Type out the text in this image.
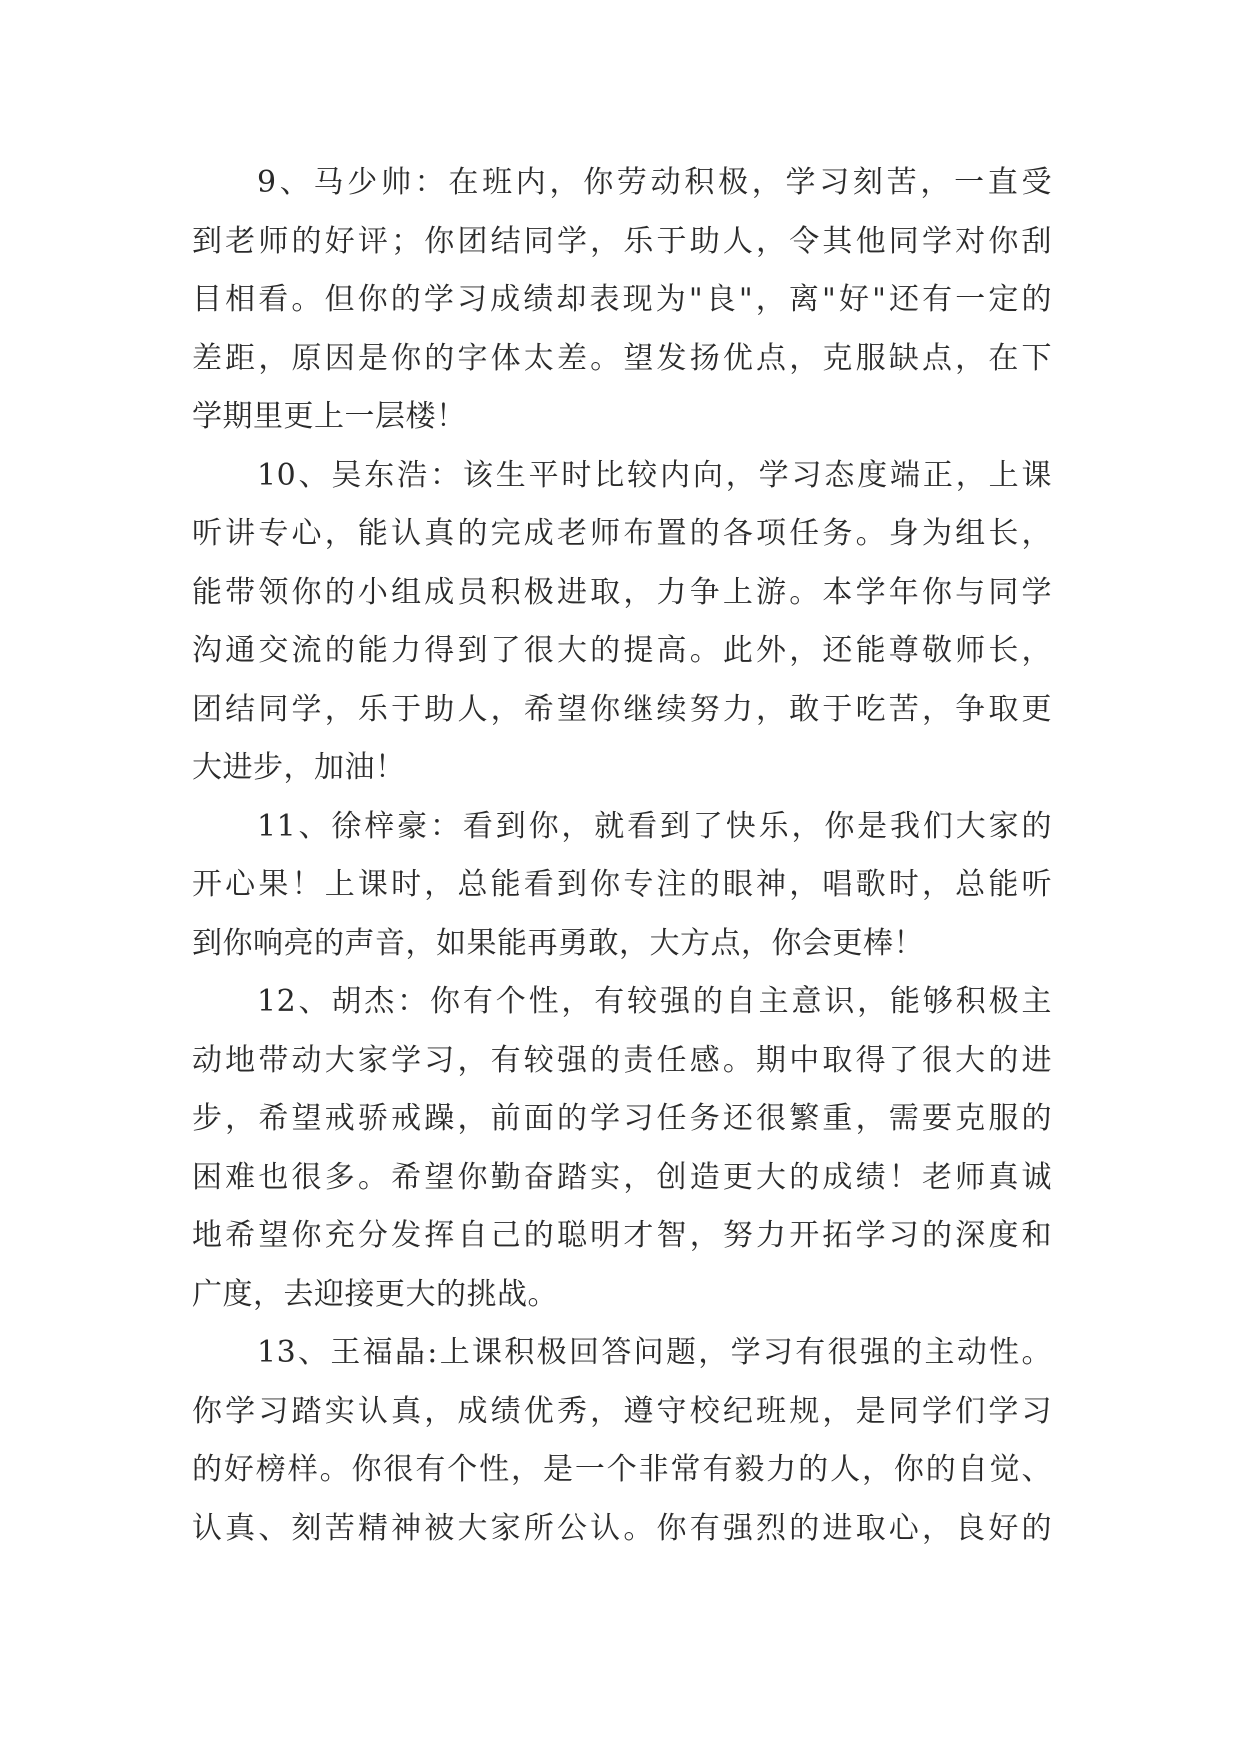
9、马少帅：在班内，你劳动积极，学习刻苦，一直受
到老师的好评；你团结同学，乐于助人，令其他同学对你刮
目相看。但你的学习成绩却表现为"良"，离"好"还有一定的
差距，原因是你的字体太差。望发扬优点，克服缺点，在下
学期里更上一层楼！
10、吴东浩：该生平时比较内向，学习态度端正，上课
听讲专心，能认真的完成老师布置的各项任务。身为组长，
能带领你的小组成员积极进取，力争上游。本学年你与同学
沟通交流的能力得到了很大的提高。此外，还能尊敬师长，
团结同学，乐于助人，希望你继续努力，敢于吃苦，争取更
大进步，加油！
11、徐梓豪：看到你，就看到了快乐，你是我们大家的
开心果！上课时，总能看到你专注的眼神，唱歌时，总能听
到你响亮的声音，如果能再勇敢，大方点，你会更棒！
12、胡杰：你有个性，有较强的自主意识，能够积极主
动地带动大家学习，有较强的责任感。期中取得了很大的进
步，希望戒骄戒躁，前面的学习任务还很繁重，需要克服的
困难也很多。希望你勤奋踏实，创造更大的成绩！老师真诚
地希望你充分发挥自己的聪明才智，努力开拓学习的深度和
广度，去迎接更大的挑战。
13、王福晶:上课积极回答问题，学习有很强的主动性。
你学习踏实认真，成绩优秀，遵守校纪班规，是同学们学习
的好榜样。你很有个性，是一个非常有毅力的人，你的自觉、
认真、刻苦精神被大家所公认。你有强烈的进取心，良好的
